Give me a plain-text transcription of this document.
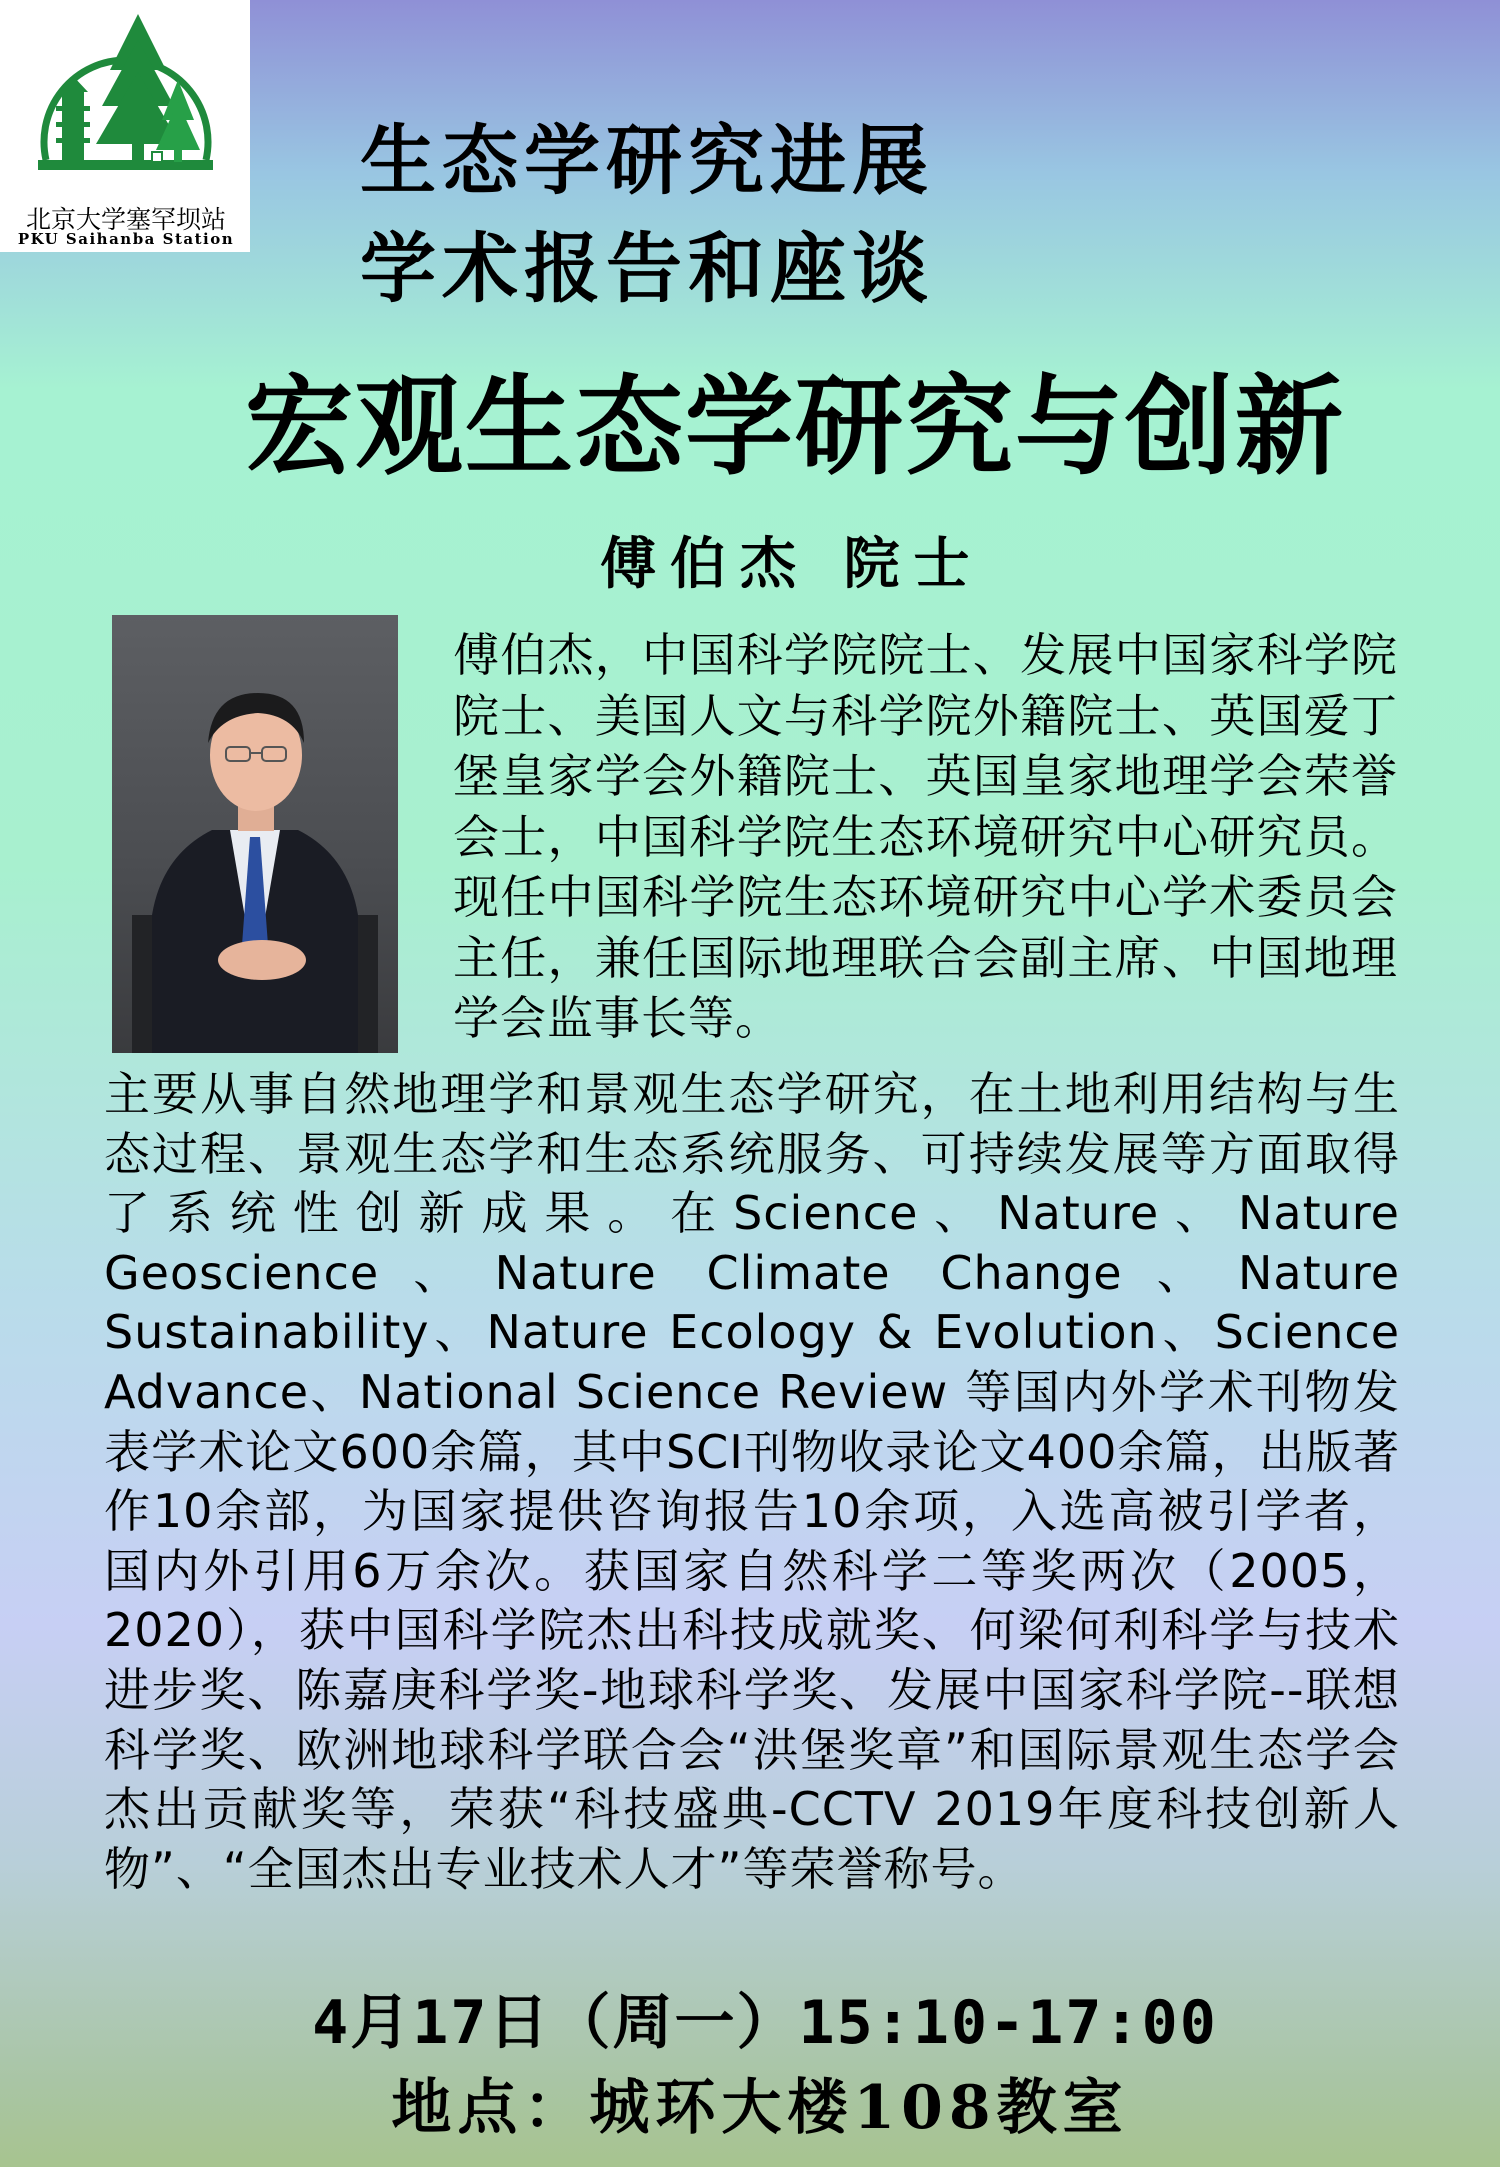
北京大学塞罕坝站
PKU Saihanba Station
生态学研究进展
学术报告和座谈
宏观生态学研究与创新
傅伯杰 院士
傅伯杰，中国科学院院士、发展中国家科学院院士、美国人文与科学院外籍院士、英国爱丁堡皇家学会外籍院士、英国皇家地理学会荣誉会士，中国科学院生态环境研究中心研究员。现任中国科学院生态环境研究中心学术委员会主任，兼任国际地理联合会副主席、中国地理学会监事长等。
主要从事自然地理学和景观生态学研究，在土地利用结构与生态过程、景观生态学和生态系统服务、可持续发展等方面取得了系统性创新成果。在Science、Nature、Nature Geoscience、Nature Climate Change、Nature Sustainability、Nature Ecology & Evolution、Science Advance、National Science Review 等国内外学术刊物发表学术论文600余篇，其中SCI刊物收录论文400余篇，出版著作10余部，为国家提供咨询报告10余项，入选高被引学者，国内外引用6万余次。获国家自然科学二等奖两次（2005， 2020），获中国科学院杰出科技成就奖、何梁何利科学与技术进步奖、陈嘉庚科学奖-地球科学奖、发展中国家科学院--联想科学奖、欧洲地球科学联合会“洪堡奖章”和国际景观生态学会杰出贡献奖等，荣获“科技盛典-CCTV 2019年度科技创新人物”、“全国杰出专业技术人才”等荣誉称号。
4月17日（周一）15:10-17:00
地点：城环大楼108教室
